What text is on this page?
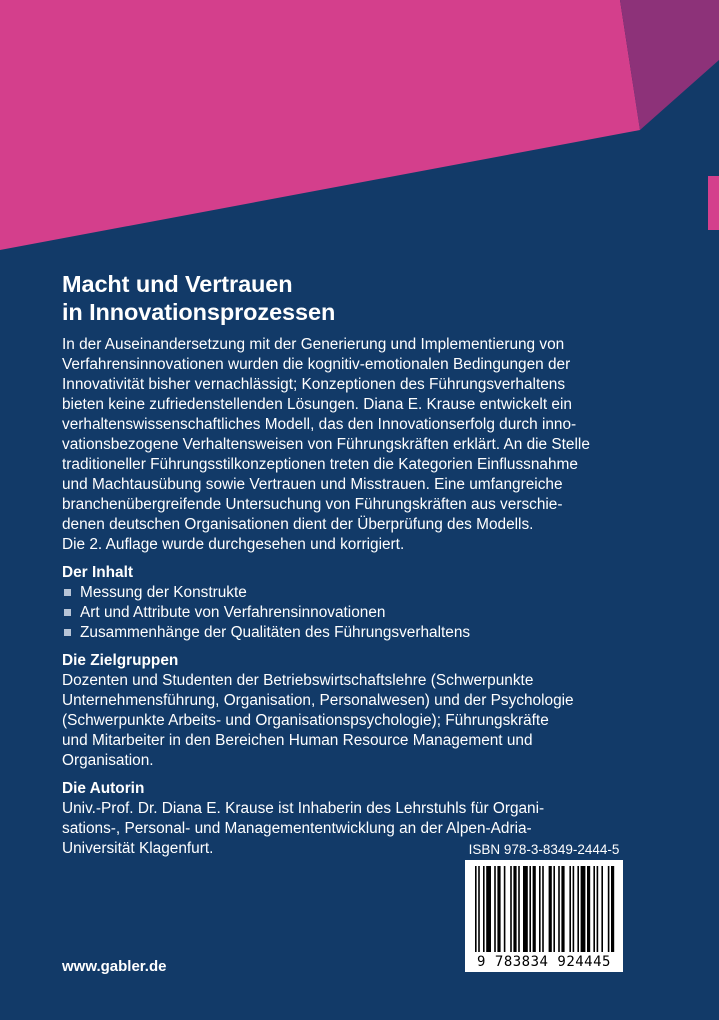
Macht und Vertrauen
in Innovationsprozessen
In der Auseinandersetzung mit der Generierung und Implementierung von
Verfahrensinnovationen wurden die kognitiv-emotionalen Bedingungen der
Innovativität bisher vernachlässigt; Konzeptionen des Führungsverhaltens
bieten keine zufriedenstellenden Lösungen. Diana E. Krause entwickelt ein
verhaltenswissenschaftliches Modell, das den Innovationserfolg durch inno-
vationsbezogene Verhaltensweisen von Führungskräften erklärt. An die Stelle
traditioneller Führungsstilkonzeptionen treten die Kategorien Einflussnahme
und Machtausübung sowie Vertrauen und Misstrauen. Eine umfangreiche
branchenübergreifende Untersuchung von Führungskräften aus verschie-
denen deutschen Organisationen dient der Überprüfung des Modells.
Die 2. Auflage wurde durchgesehen und korrigiert.
Der Inhalt
Messung der Konstrukte
Art und Attribute von Verfahrensinnovationen
Zusammenhänge der Qualitäten des Führungsverhaltens
Die Zielgruppen
Dozenten und Studenten der Betriebswirtschaftslehre (Schwerpunkte
Unternehmensführung, Organisation, Personalwesen) und der Psychologie
(Schwerpunkte Arbeits- und Organisationspsychologie); Führungskräfte
und Mitarbeiter in den Bereichen Human Resource Management und
Organisation.
Die Autorin
Univ.-Prof. Dr. Diana E. Krause ist Inhaberin des Lehrstuhls für Organi-
sations-, Personal- und Managemententwicklung an der Alpen-Adria-
Universität Klagenfurt.	ISBN 978-3-8349-2444-5
9 783834 924445
www.gabler.de
